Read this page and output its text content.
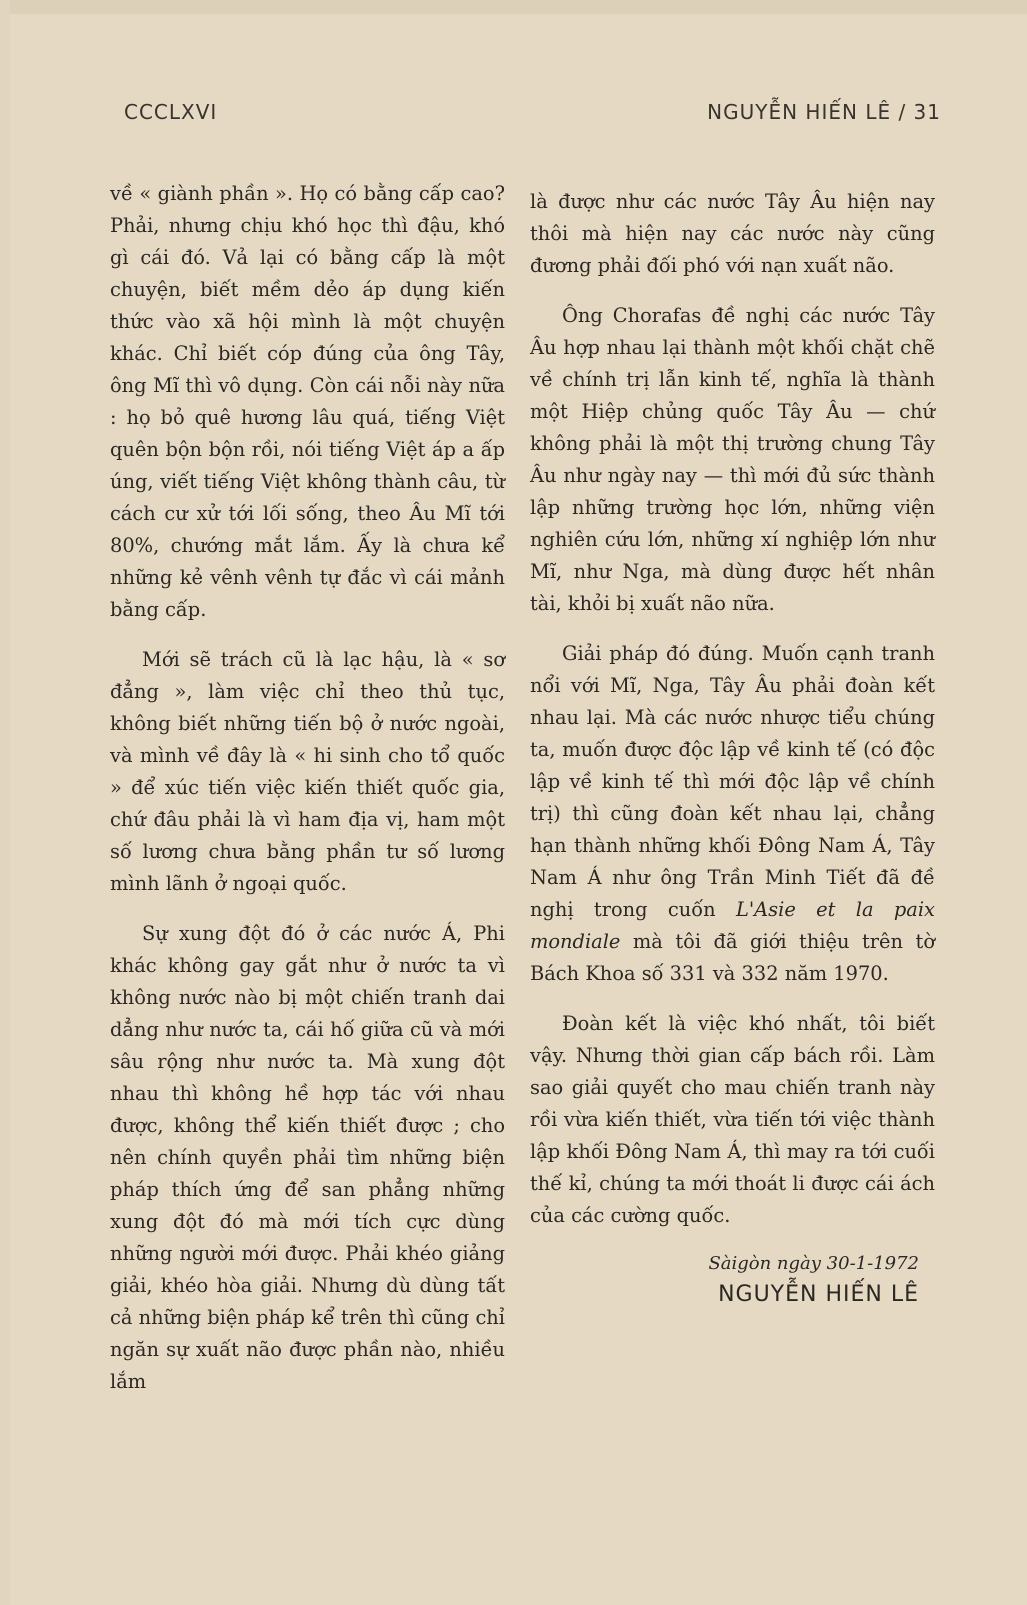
CCCLXVI	NGUYỄN HIẾN LÊ / 31

về « giành phần ». Họ có bằng cấp cao? Phải, nhưng chịu khó học thì đậu, khó gì cái đó. Vả lại có bằng cấp là một chuyện, biết mềm dẻo áp dụng kiến thức vào xã hội mình là một chuyện khác. Chỉ biết cóp đúng của ông Tây, ông Mĩ thì vô dụng. Còn cái nỗi này nữa : họ bỏ quê hương lâu quá, tiếng Việt quên bộn bộn rồi, nói tiếng Việt áp a ấp úng, viết tiếng Việt không thành câu, từ cách cư xử tới lối sống, theo Âu Mĩ tới 80%, chướng mắt lắm. Ấy là chưa kể những kẻ vênh vênh tự đắc vì cái mảnh bằng cấp.

Mới sẽ trách cũ là lạc hậu, là « sơ đẳng », làm việc chỉ theo thủ tục, không biết những tiến bộ ở nước ngoài, và mình về đây là « hi sinh cho tổ quốc » để xúc tiến việc kiến thiết quốc gia, chứ đâu phải là vì ham địa vị, ham một số lương chưa bằng phần tư số lương mình lãnh ở ngoại quốc.

Sự xung đột đó ở các nước Á, Phi khác không gay gắt như ở nước ta vì không nước nào bị một chiến tranh dai dẳng như nước ta, cái hố giữa cũ và mới sâu rộng như nước ta. Mà xung đột nhau thì không hề hợp tác với nhau được, không thể kiến thiết được ; cho nên chính quyền phải tìm những biện pháp thích ứng để san phẳng những xung đột đó mà mới tích cực dùng những người mới được. Phải khéo giảng giải, khéo hòa giải. Nhưng dù dùng tất cả những biện pháp kể trên thì cũng chỉ ngăn sự xuất não được phần nào, nhiều lắm

là được như các nước Tây Âu hiện nay thôi mà hiện nay các nước này cũng đương phải đối phó với nạn xuất não.

Ông Chorafas đề nghị các nước Tây Âu hợp nhau lại thành một khối chặt chẽ về chính trị lẫn kinh tế, nghĩa là thành một Hiệp chủng quốc Tây Âu — chứ không phải là một thị trường chung Tây Âu như ngày nay — thì mới đủ sức thành lập những trường học lớn, những viện nghiên cứu lớn, những xí nghiệp lớn như Mĩ, như Nga, mà dùng được hết nhân tài, khỏi bị xuất não nữa.

Giải pháp đó đúng. Muốn cạnh tranh nổi với Mĩ, Nga, Tây Âu phải đoàn kết nhau lại. Mà các nước nhược tiểu chúng ta, muốn được độc lập về kinh tế (có độc lập về kinh tế thì mới độc lập về chính trị) thì cũng đoàn kết nhau lại, chẳng hạn thành những khối Đông Nam Á, Tây Nam Á như ông Trần Minh Tiết đã đề nghị trong cuốn L'Asie et la paix mondiale mà tôi đã giới thiệu trên tờ Bách Khoa số 331 và 332 năm 1970.

Đoàn kết là việc khó nhất, tôi biết vậy. Nhưng thời gian cấp bách rồi. Làm sao giải quyết cho mau chiến tranh này rồi vừa kiến thiết, vừa tiến tới việc thành lập khối Đông Nam Á, thì may ra tới cuối thế kỉ, chúng ta mới thoát li được cái ách của các cường quốc.

Sàigòn ngày 30-1-1972
NGUYỄN HIẾN LÊ
